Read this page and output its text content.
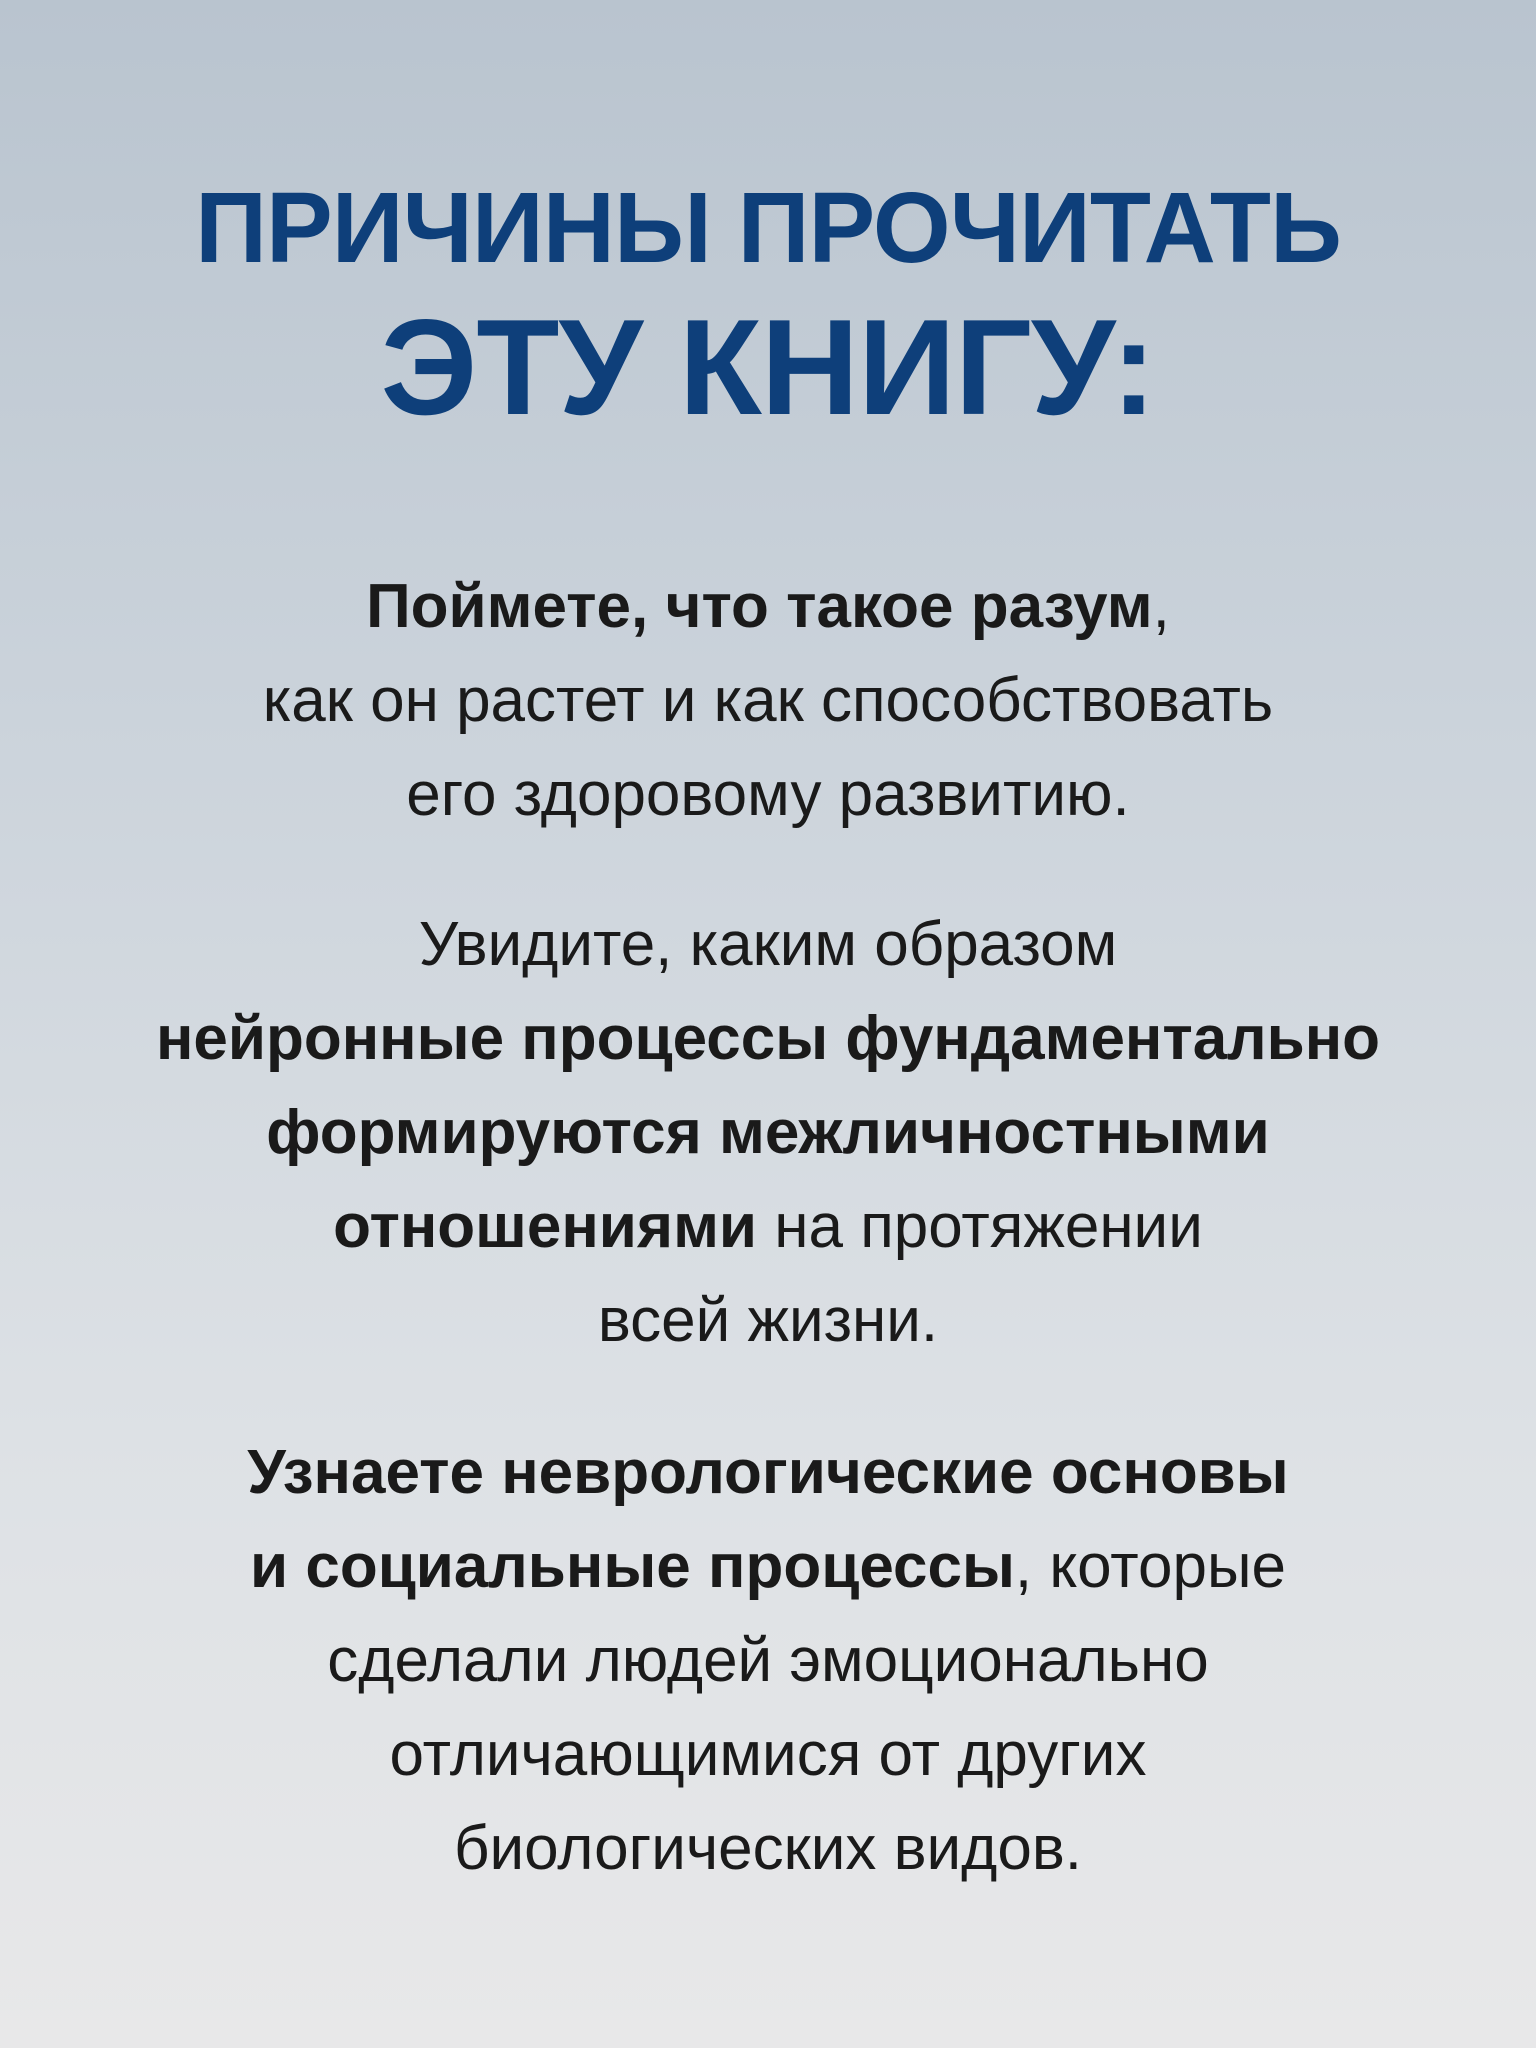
ПРИЧИНЫ ПРОЧИТАТЬ
ЭТУ КНИГУ:
Поймете, что такое разум,
как он растет и как способствовать
его здоровому развитию.
Увидите, каким образом
нейронные процессы фундаментально
формируются межличностными
отношениями на протяжении
всей жизни.
Узнаете неврологические основы
и социальные процессы, которые
сделали людей эмоционально
отличающимися от других
биологических видов.
